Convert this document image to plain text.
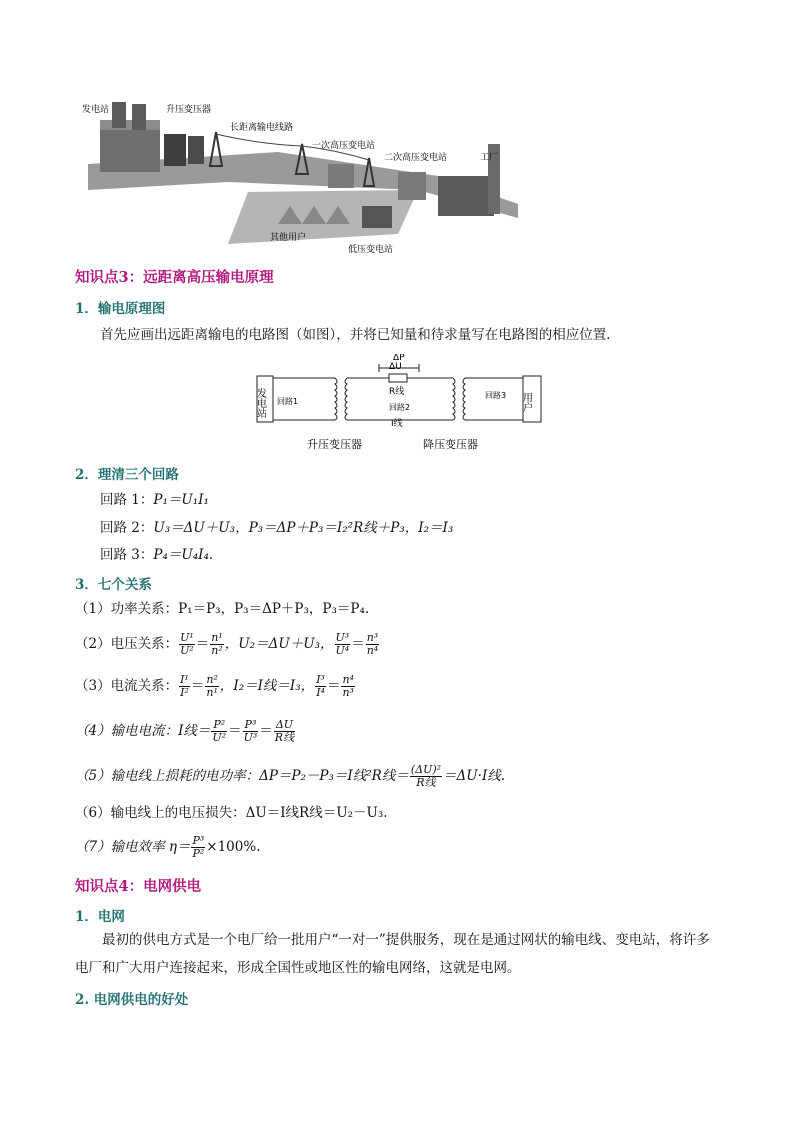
发电站	升压变压器
长距离输电线路
一次高压变电站
二次高压变电站	工厂
其他用户
低压变电站
知识点3：远距离高压输电原理
1．输电原理图
首先应画出远距离输电的电路图（如图），并将已知量和待求量写在电路图的相应位置．
发电站	用户
ΔP
ΔU
R线
I线
回路1
回路2
回路3
升压变压器	降压变压器
2．理清三个回路
回路 1：P₁＝U₁I₁
回路 2：U₃＝ΔU＋U₃，P₃＝ΔP＋P₃＝I₂²R线＋P₃，I₂＝I₃
回路 3：P₄＝U₄I₄.
3．七个关系
（1）功率关系：P₁＝P₃，P₃＝ΔP＋P₃，P₃＝P₄.
（2）电压关系： $\frac{\text{U¹}}{\text{U²}} = \frac{\text{n¹}}{\text{n²}}$ ，U₂＝ΔU＋U₃， $\frac{\text{U³}}{\text{U⁴}} = \frac{\text{n³}}{\text{n⁴}}$
（3）电流关系： $\frac{\text{I¹}}{\text{I²}} = \frac{\text{n²}}{\text{n¹}}$ ，I₂＝I线＝I₃， $\frac{\text{I³}}{\text{I⁴}} = \frac{\text{n⁴}}{\text{n³}}$
（4）输电电流：I线＝ $\frac{\text{P²}}{\text{U²}} = \frac{\text{P³}}{\text{U³}} = \frac{\Delta U}{\text{R线}}$
（5）输电线上损耗的电功率：ΔP＝P₂－P₃＝I线²R线＝ $\frac{\text{(ΔU)²}}{\text{R线}} =\Delta U\cdot I$线.
（6）输电线上的电压损失：ΔU＝I线R线＝U₂－U₃.
（7）输电效率 $\eta= \frac{\text{P³}}{\text{P²}} \times 100\%$.
知识点4：电网供电
1．电网
最初的供电方式是一个电厂给一批用户“一对一”提供服务，现在是通过网状的输电线、变电站，将许多电厂和广大用户连接起来，形成全国性或地区性的输电网络，这就是电网。
2. 电网供电的好处
